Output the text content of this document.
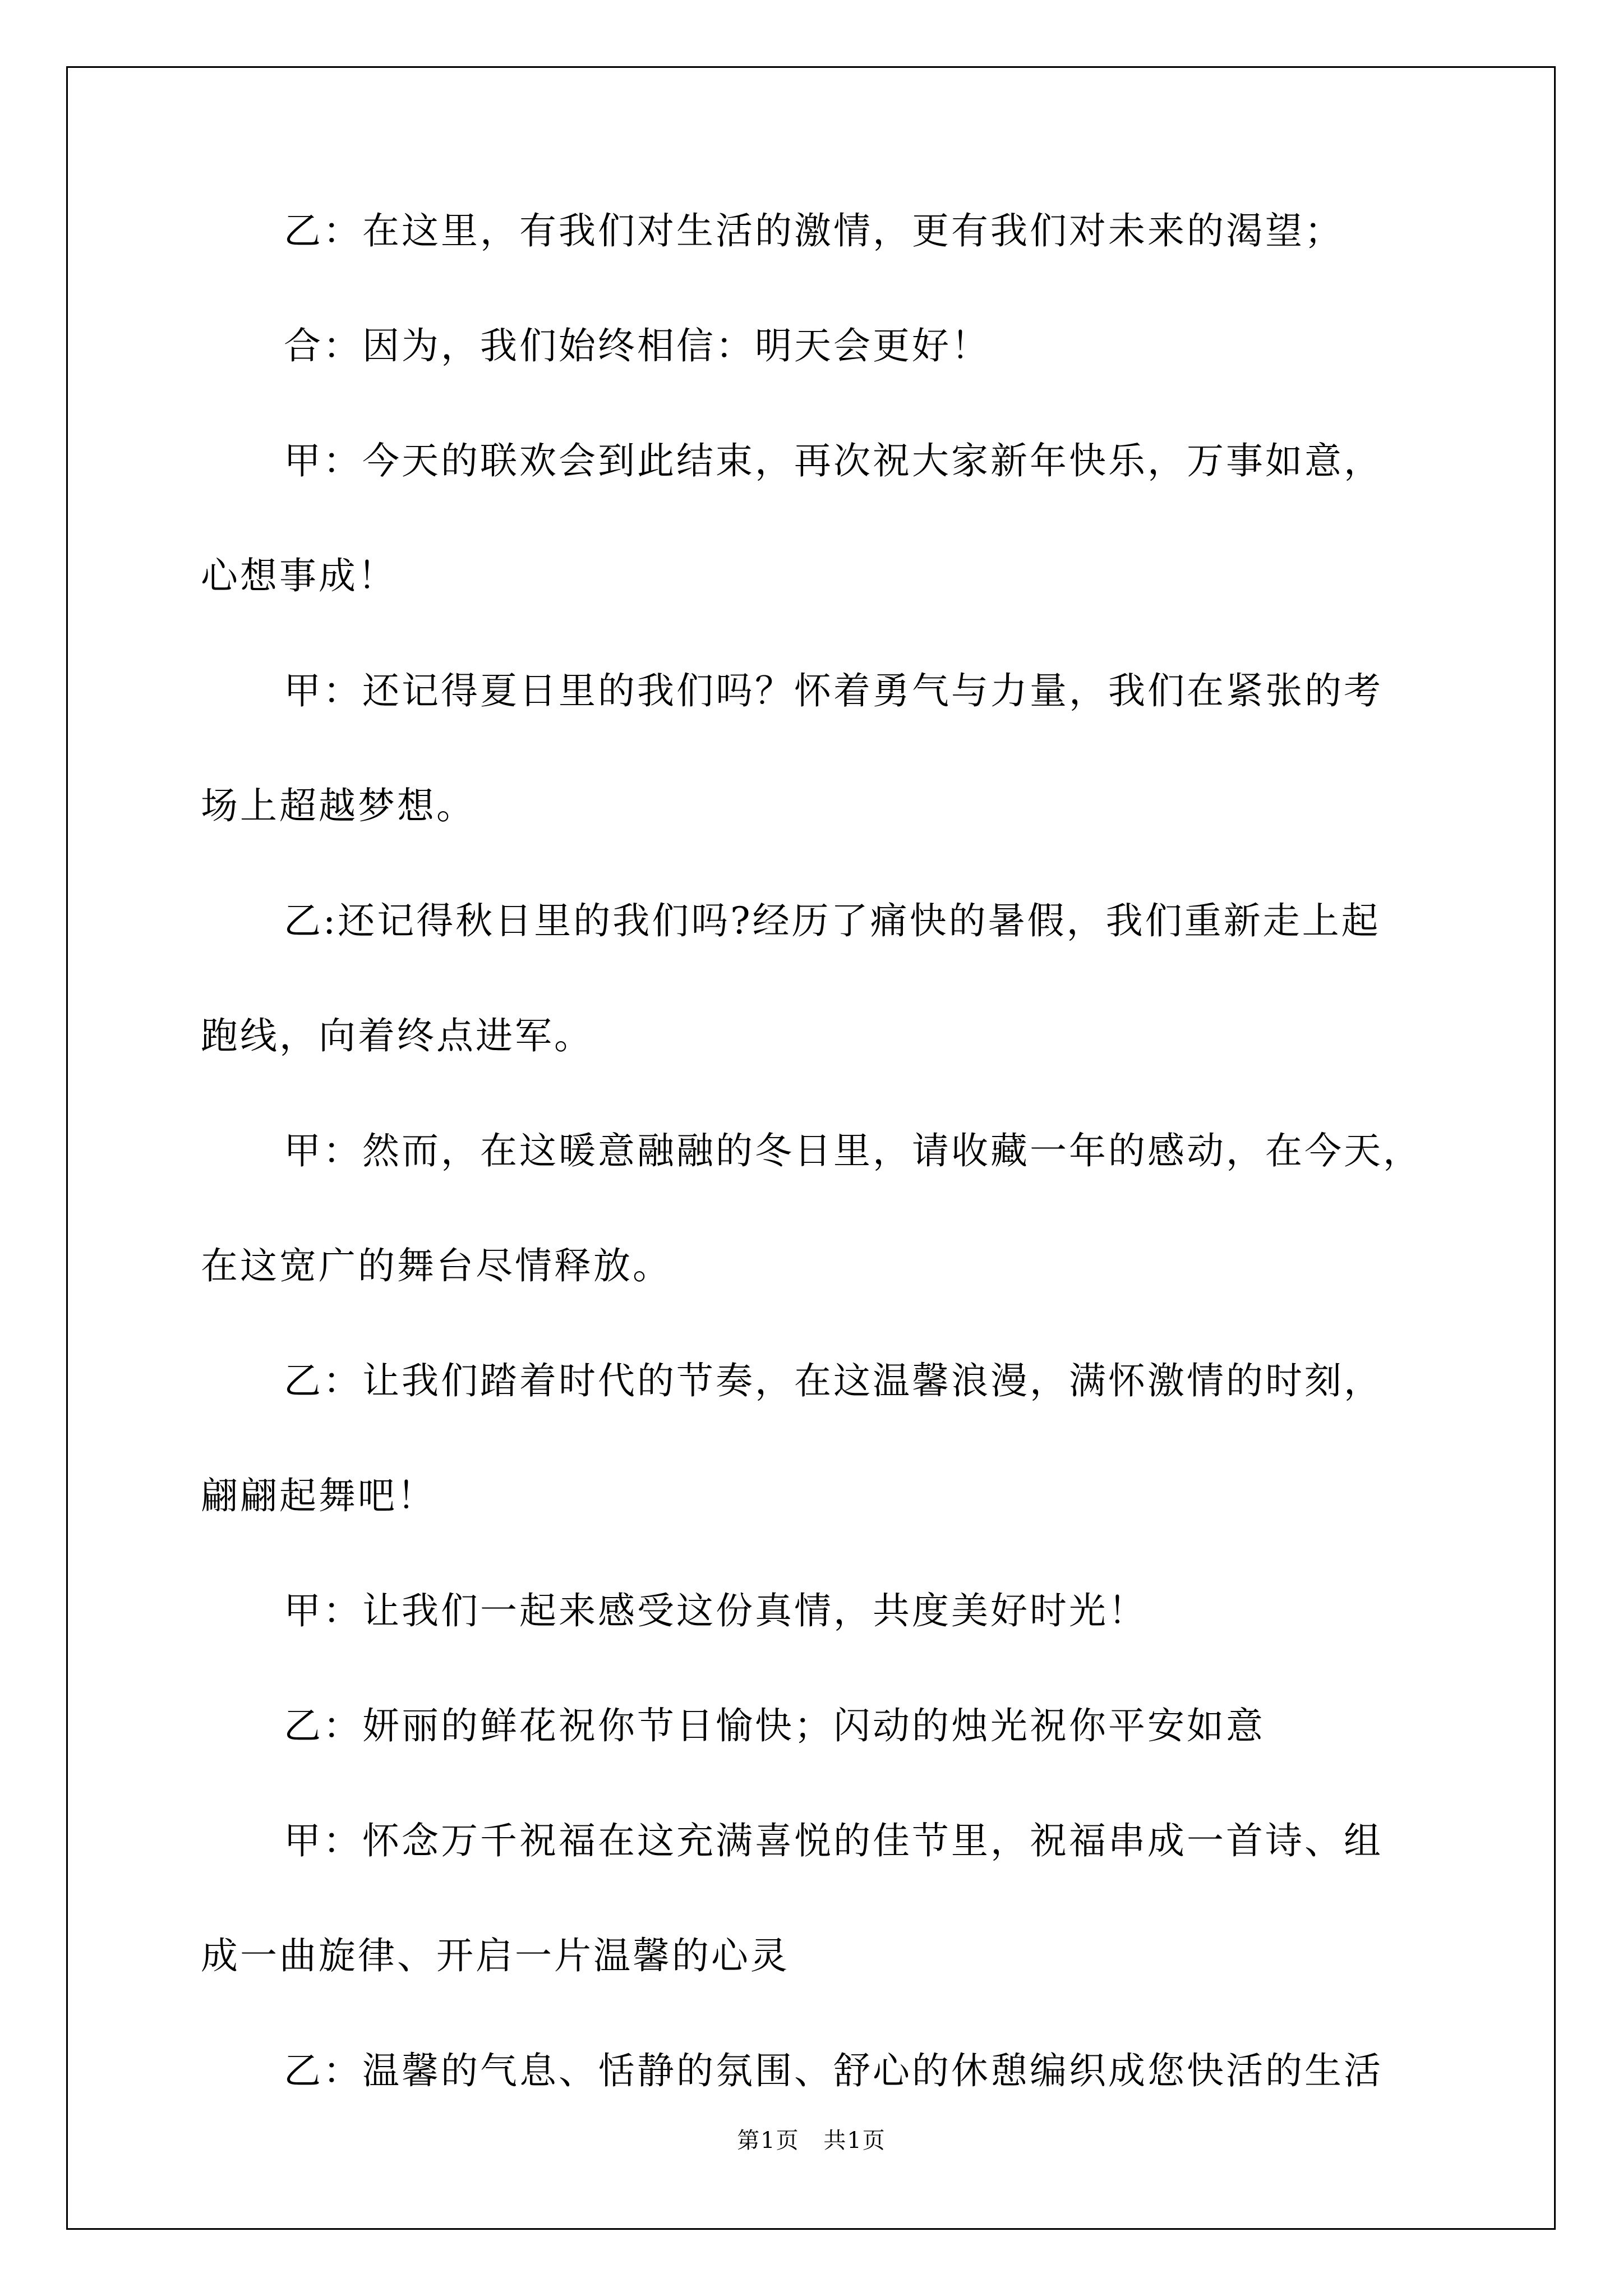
乙：在这里，有我们对生活的激情，更有我们对未来的渴望；

合：因为，我们始终相信：明天会更好！

甲：今天的联欢会到此结束，再次祝大家新年快乐，万事如意，
心想事成！

甲：还记得夏日里的我们吗？怀着勇气与力量，我们在紧张的考
场上超越梦想。

乙:还记得秋日里的我们吗?经历了痛快的暑假，我们重新走上起
跑线，向着终点进军。

甲：然而，在这暖意融融的冬日里，请收藏一年的感动，在今天，
在这宽广的舞台尽情释放。

乙：让我们踏着时代的节奏，在这温馨浪漫，满怀激情的时刻，
翩翩起舞吧！

甲：让我们一起来感受这份真情，共度美好时光！

乙：妍丽的鲜花祝你节日愉快；闪动的烛光祝你平安如意

甲：怀念万千祝福在这充满喜悦的佳节里，祝福串成一首诗、组
成一曲旋律、开启一片温馨的心灵

乙：温馨的气息、恬静的氛围、舒心的休憩编织成您快活的生活

第1页 共1页
